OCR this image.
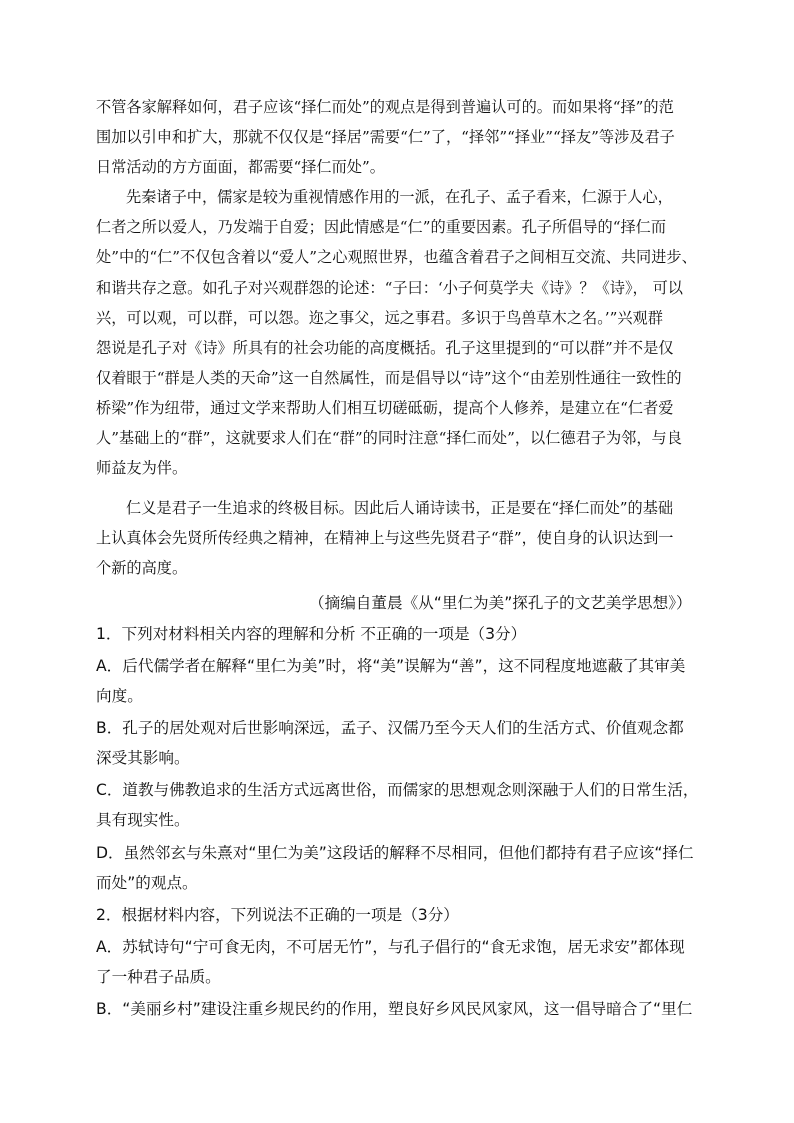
不管各家解释如何，君子应该“择仁而处”的观点是得到普遍认可的。而如果将“择”的范
围加以引申和扩大，那就不仅仅是“择居”需要“仁”了，“择邻”“择业”“择友”等涉及君子
日常活动的方方面面，都需要“择仁而处”。
先秦诸子中，儒家是较为重视情感作用的一派，在孔子、孟子看来，仁源于人心，
仁者之所以爱人，乃发端于自爱；因此情感是“仁”的重要因素。孔子所倡导的“择仁而
处”中的“仁”不仅包含着以“爱人”之心观照世界，也蕴含着君子之间相互交流、共同进步、
和谐共存之意。如孔子对兴观群怨的论述：“子曰：‘小子何莫学夫《诗》？《诗》， 可以
兴，可以观，可以群，可以怨。迩之事父，远之事君。多识于鸟兽草木之名。’”兴观群
怨说是孔子对《诗》所具有的社会功能的高度概括。孔子这里提到的“可以群”并不是仅
仅着眼于“群是人类的天命”这一自然属性，而是倡导以“诗”这个“由差别性通往一致性的
桥梁”作为纽带，通过文学来帮助人们相互切磋砥砺，提高个人修养，是建立在“仁者爱
人”基础上的“群”，这就要求人们在“群”的同时注意“择仁而处”，以仁德君子为邻，与良
师益友为伴。
仁义是君子一生追求的终极目标。因此后人诵诗读书，正是要在“择仁而处”的基础
上认真体会先贤所传经典之精神，在精神上与这些先贤君子“群”，使自身的认识达到一
个新的高度。
（摘编自董晨《从“里仁为美”探孔子的文艺美学思想》）
1．下列对材料相关内容的理解和分析 不正确的一项是（3分）
A．后代儒学者在解释“里仁为美”时，将“美”误解为“善”，这不同程度地遮蔽了其审美
向度。
B．孔子的居处观对后世影响深远，孟子、汉儒乃至今天人们的生活方式、价值观念都
深受其影响。
C．道教与佛教追求的生活方式远离世俗，而儒家的思想观念则深融于人们的日常生活，
具有现实性。
D．虽然邻玄与朱熹对“里仁为美”这段话的解释不尽相同，但他们都持有君子应该“择仁
而处”的观点。
2．根据材料内容，下列说法不正确的一项是（3分）
A．苏轼诗句“宁可食无肉，不可居无竹”，与孔子倡行的“食无求饱，居无求安”都体现
了一种君子品质。
B．“美丽乡村”建设注重乡规民约的作用，塑良好乡风民风家风，这一倡导暗合了“里仁
